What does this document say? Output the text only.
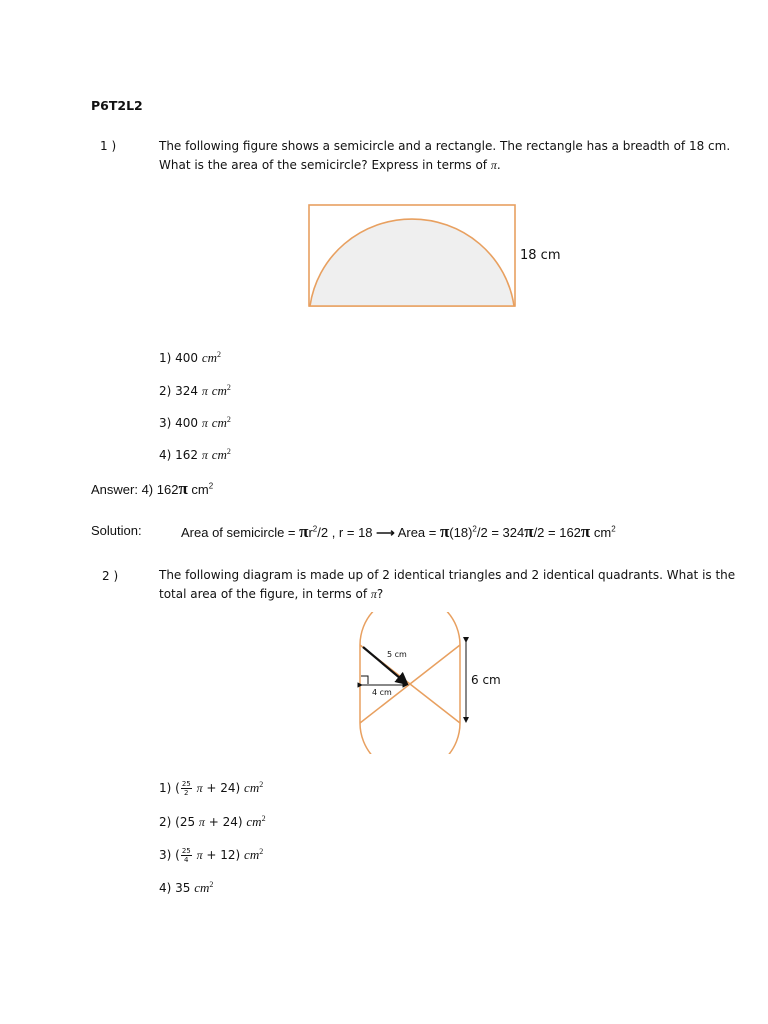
P6T2L2
1 )	The following figure shows a semicircle and a rectangle. The rectangle has a breadth of 18 cm.
What is the area of the semicircle? Express in terms of π.
18 cm
1) 400 $cm^2$
2) 324 π $cm^2$
3) 400 π $cm^2$
4) 162 π $cm^2$
Answer: 4) 162π $cm^2$
Solution:	Area of semicircle = $\pi r^2/2$ , r = 18 ⟶ Area = $\pi(18)^2/2 = 324\pi/2 = 162\pi$ $cm^2$
2 )	The following diagram is made up of 2 identical triangles and 2 identical quadrants. What is the
total area of the figure, in terms of π?
5 cm
4 cm
6 cm
1) ( $\frac{25}{2}$ π + 24) $cm^2$
2) (25 π + 24) $cm^2$
3) ( $\frac{25}{4}$ π + 12) $cm^2$
4) 35 $cm^2$
